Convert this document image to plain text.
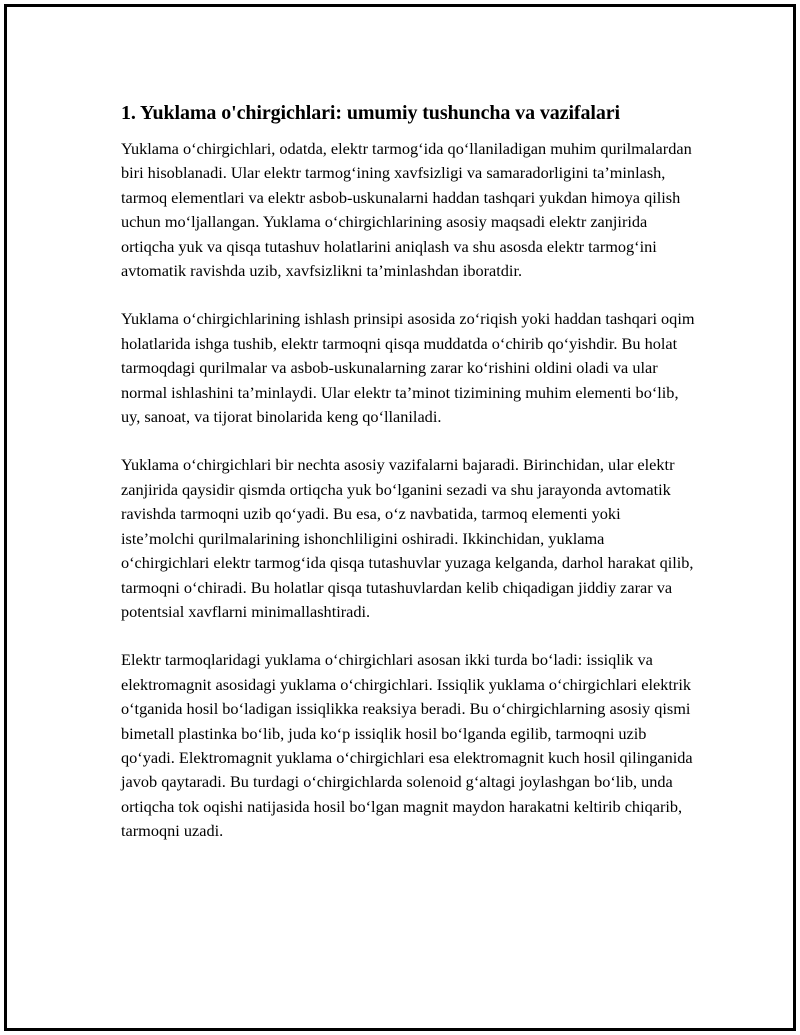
1. Yuklama o'chirgichlari: umumiy tushuncha va vazifalari

Yuklama o‘chirgichlari, odatda, elektr tarmog‘ida qo‘llaniladigan muhim qurilmalardan biri hisoblanadi. Ular elektr tarmog‘ining xavfsizligi va samaradorligini ta’minlash, tarmoq elementlari va elektr asbob-uskunalarni haddan tashqari yukdan himoya qilish uchun mo‘ljallangan. Yuklama o‘chirgichlarining asosiy maqsadi elektr zanjirida ortiqcha yuk va qisqa tutashuv holatlarini aniqlash va shu asosda elektr tarmog‘ini avtomatik ravishda uzib, xavfsizlikni ta’minlashdan iboratdir.

Yuklama o‘chirgichlarining ishlash prinsipi asosida zo‘riqish yoki haddan tashqari oqim holatlarida ishga tushib, elektr tarmoqni qisqa muddatda o‘chirib qo‘yishdir. Bu holat tarmoqdagi qurilmalar va asbob-uskunalarning zarar ko‘rishini oldini oladi va ular normal ishlashini ta’minlaydi. Ular elektr ta’minot tizimining muhim elementi bo‘lib, uy, sanoat, va tijorat binolarida keng qo‘llaniladi.

Yuklama o‘chirgichlari bir nechta asosiy vazifalarni bajaradi. Birinchidan, ular elektr zanjirida qaysidir qismda ortiqcha yuk bo‘lganini sezadi va shu jarayonda avtomatik ravishda tarmoqni uzib qo‘yadi. Bu esa, o‘z navbatida, tarmoq elementi yoki iste’molchi qurilmalarining ishonchliligini oshiradi. Ikkinchidan, yuklama o‘chirgichlari elektr tarmog‘ida qisqa tutashuvlar yuzaga kelganda, darhol harakat qilib, tarmoqni o‘chiradi. Bu holatlar qisqa tutashuvlardan kelib chiqadigan jiddiy zarar va potentsial xavflarni minimallashtiradi.

Elektr tarmoqlaridagi yuklama o‘chirgichlari asosan ikki turda bo‘ladi: issiqlik va elektromagnit asosidagi yuklama o‘chirgichlari. Issiqlik yuklama o‘chirgichlari elektrik o‘tganida hosil bo‘ladigan issiqlikka reaksiya beradi. Bu o‘chirgichlarning asosiy qismi bimetall plastinka bo‘lib, juda ko‘p issiqlik hosil bo‘lganda egilib, tarmoqni uzib qo‘yadi. Elektromagnit yuklama o‘chirgichlari esa elektromagnit kuch hosil qilinganida javob qaytaradi. Bu turdagi o‘chirgichlarda solenoid g‘altagi joylashgan bo‘lib, unda ortiqcha tok oqishi natijasida hosil bo‘lgan magnit maydon harakatni keltirib chiqarib, tarmoqni uzadi.
